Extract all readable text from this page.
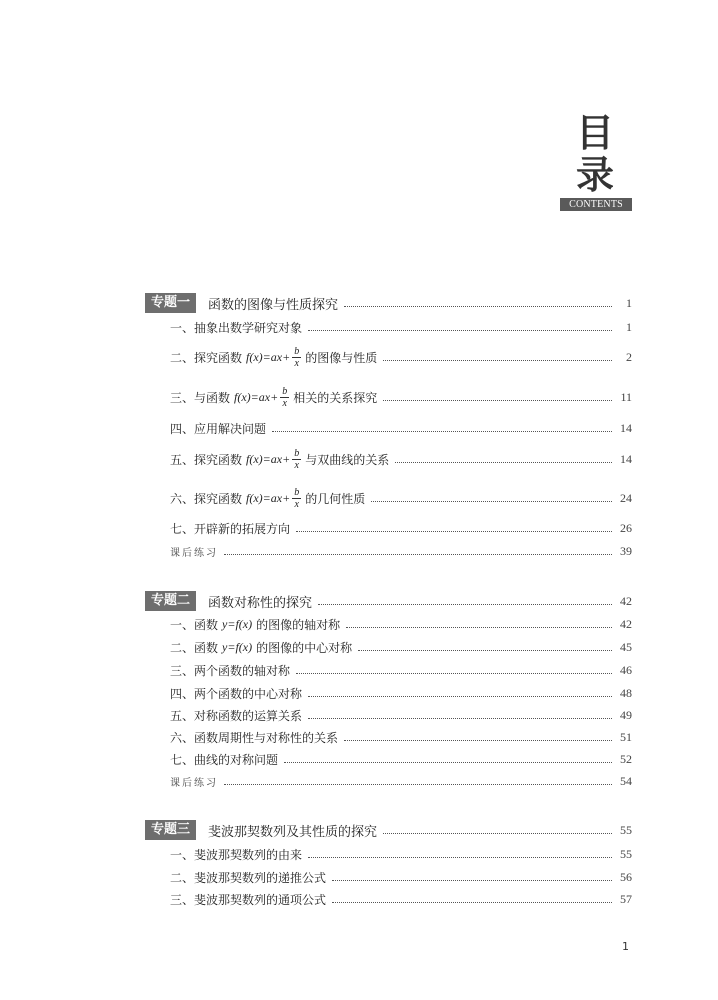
目录
CONTENTS
专题一	函数的图像与性质探究	1
一、抽象出数学研究对象	1
二、探究函数 $f(x)=ax+ \frac{b}{x}$ 的图像与性质	2
三、与函数 $f(x)=ax+ \frac{b}{x}$ 相关的关系探究	11
四、应用解决问题	14
五、探究函数 $f(x)=ax+ \frac{b}{x}$ 与双曲线的关系	14
六、探究函数 $f(x)=ax+ \frac{b}{x}$ 的几何性质	24
七、开辟新的拓展方向	26
课后练习	39
专题二	函数对称性的探究	42
一、函数 y=f(x) 的图像的轴对称	42
二、函数 y=f(x) 的图像的中心对称	45
三、两个函数的轴对称	46
四、两个函数的中心对称	48
五、对称函数的运算关系	49
六、函数周期性与对称性的关系	51
七、曲线的对称问题	52
课后练习	54
专题三	斐波那契数列及其性质的探究	55
一、斐波那契数列的由来	55
二、斐波那契数列的递推公式	56
三、斐波那契数列的通项公式	57
1
